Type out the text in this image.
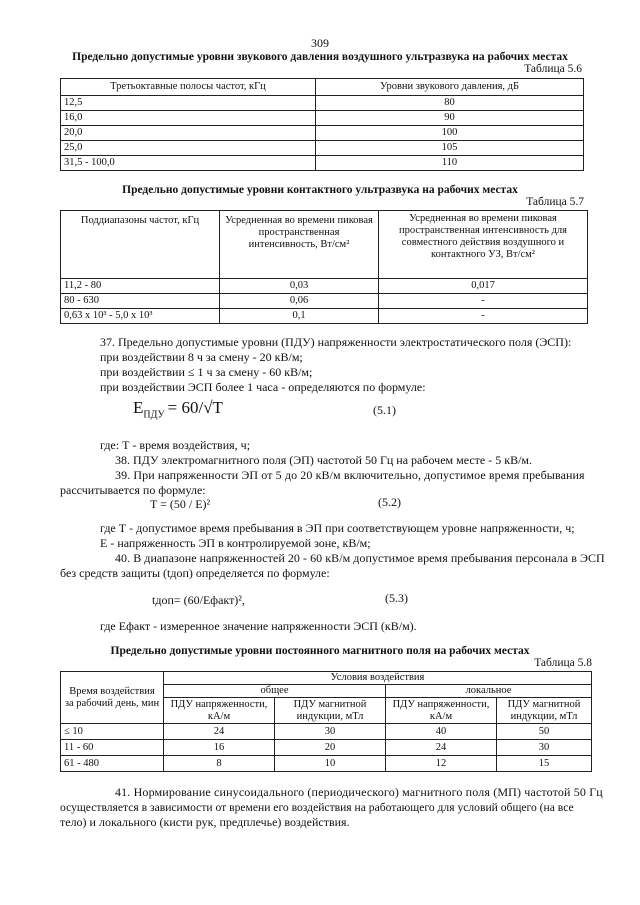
309
Предельно допустимые уровни звукового давления воздушного ультразвука на рабочих местах
Таблица 5.6
Третьоктавные полосы частот, кГц	Уровни звукового давления, дБ
12,5	80
16,0	90
20,0	100
25,0	105
31,5 - 100,0	110
Предельно допустимые уровни контактного ультразвука на рабочих местах
Таблица 5.7
Поддиапазоны частот, кГц	Усредненная во времени пиковая пространственная интенсивность, Вт/см²	Усредненная во времени пиковая пространственная интенсивность для совместного действия воздушного и контактного УЗ, Вт/см²
11,2 - 80	0,03	0,017
80 - 630	0,06	-
0,63 х 10³ - 5,0 х 10³	0,1	-
37. Предельно допустимые уровни (ПДУ) напряженности электростатического поля (ЭСП):
при воздействии 8 ч за смену - 20 кВ/м;
при воздействии ≤ 1 ч за смену - 60 кВ/м;
при воздействии ЭСП более 1 часа - определяются по формуле:
$E_{ПДУ} = 60/√T$	(5.1)
где: Т - время воздействия, ч;
38. ПДУ электромагнитного поля (ЭП) частотой 50 Гц на рабочем месте - 5 кВ/м.
39. При напряженности ЭП от 5 до 20 кВ/м включительно, допустимое время пребывания
рассчитывается по формуле:
T = (50 / E)²	(5.2)
где Т - допустимое время пребывания в ЭП при соответствующем уровне напряженности, ч;
Е - напряженность ЭП в контролируемой зоне, кВ/м;
40. В диапазоне напряженностей 20 - 60 кВ/м допустимое время пребывания персонала в ЭСП
без средств защиты (tдоп) определяется по формуле:
tдоп= (60/Eфакт)²,	(5.3)
где Eфакт - измеренное значение напряженности ЭСП (кВ/м).
Предельно допустимые уровни постоянного магнитного поля на рабочих местах
Таблица 5.8
Время воздействия за рабочий день, мин	Условия воздействия			
	общее		локальное	
	ПДУ напряженности, кА/м	ПДУ магнитной индукции, мТл	ПДУ напряженности, кА/м	ПДУ магнитной индукции, мТл
≤ 10	24	30	40	50
11 - 60	16	20	24	30
61 - 480	8	10	12	15
41. Нормирование синусоидального (периодического) магнитного поля (МП) частотой 50 Гц
осуществляется в зависимости от времени его воздействия на работающего для условий общего (на все
тело) и локального (кисти рук, предплечье) воздействия.
